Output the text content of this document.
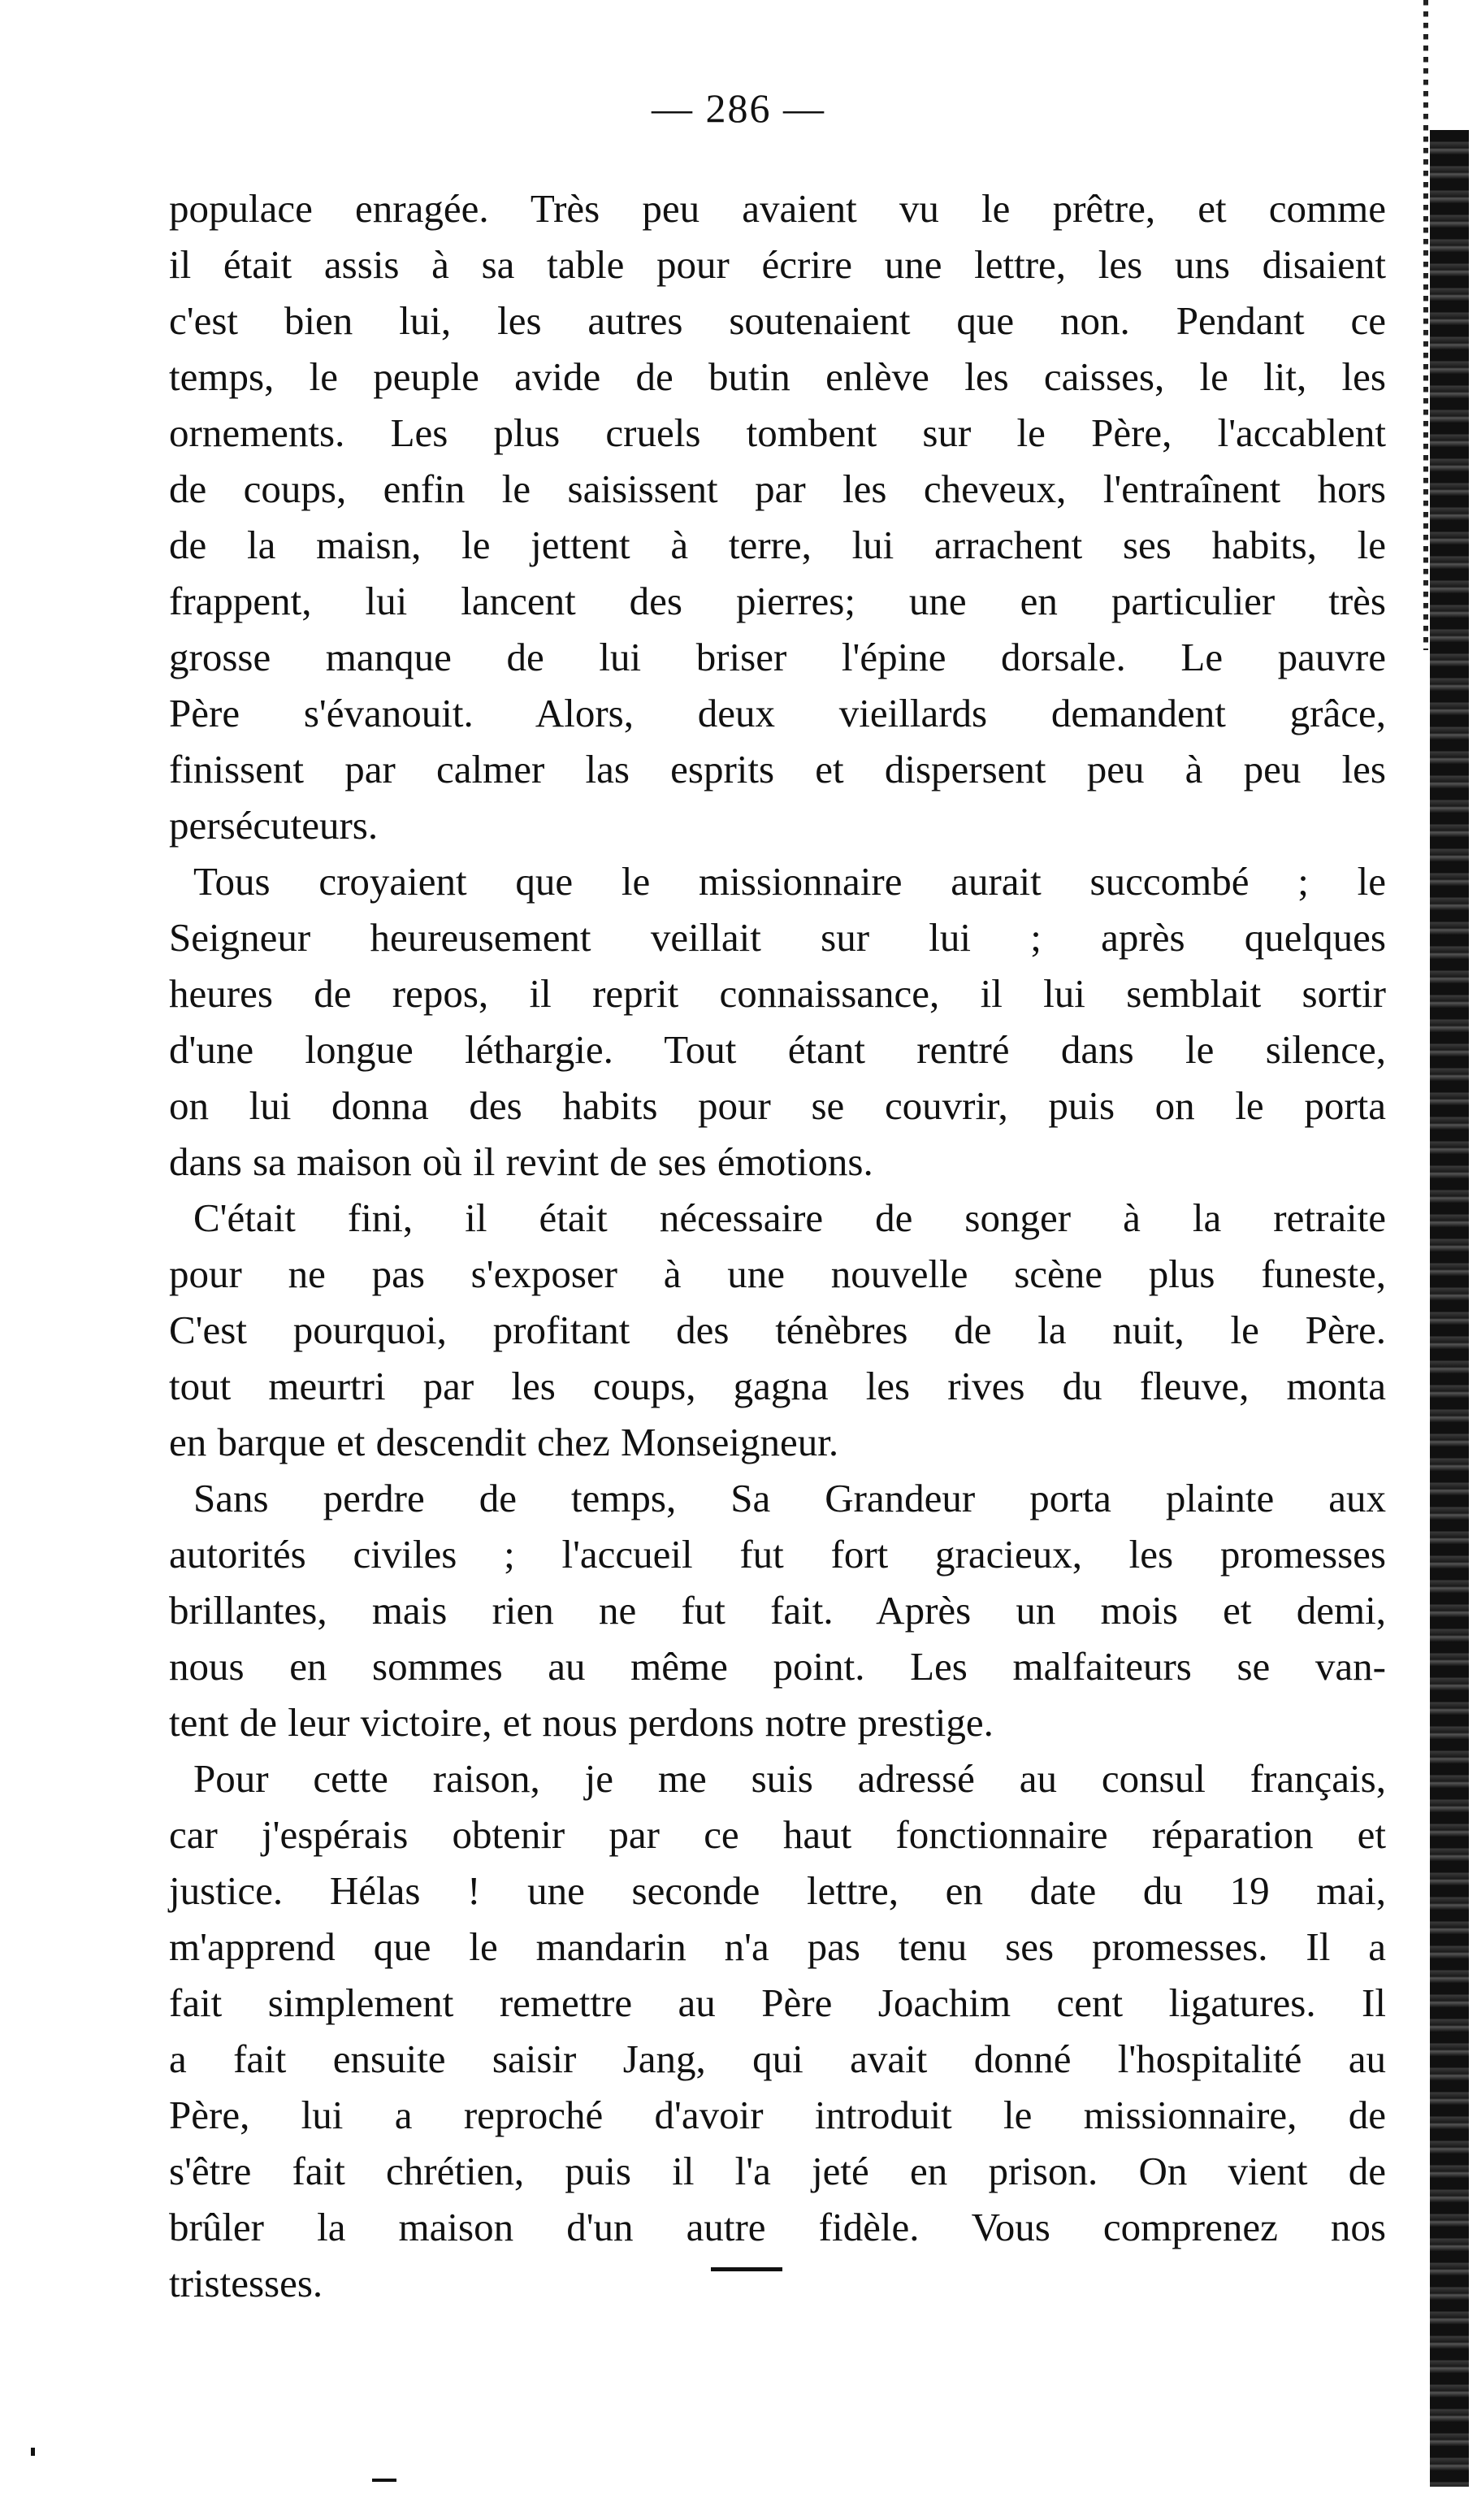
— 286 —

populace enragée. Très peu avaient vu le prêtre, et comme

il était assis à sa table pour écrire une lettre, les uns disaient

c'est bien lui, les autres soutenaient que non. Pendant ce

temps, le peuple avide de butin enlève les caisses, le lit, les

ornements. Les plus cruels tombent sur le Père, l'accablent

de coups, enfin le saisissent par les cheveux, l'entraînent hors

de la maisn, le jettent à terre, lui arrachent ses habits, le

frappent, lui lancent des pierres; une en particulier très

grosse manque de lui briser l'épine dorsale. Le pauvre

Père s'évanouit. Alors, deux vieillards demandent grâce,

finissent par calmer las esprits et dispersent peu à peu les

persécuteurs.

Tous croyaient que le missionnaire aurait succombé ; le

Seigneur heureusement veillait sur lui ; après quelques

heures de repos, il reprit connaissance, il lui semblait sortir

d'une longue léthargie. Tout étant rentré dans le silence,

on lui donna des habits pour se couvrir, puis on le porta

dans sa maison où il revint de ses émotions.

C'était fini, il était nécessaire de songer à la retraite

pour ne pas s'exposer à une nouvelle scène plus funeste,

C'est pourquoi, profitant des ténèbres de la nuit, le Père.

tout meurtri par les coups, gagna les rives du fleuve, monta

en barque et descendit chez Monseigneur.

Sans perdre de temps, Sa Grandeur porta plainte aux

autorités civiles ; l'accueil fut fort gracieux, les promesses

brillantes, mais rien ne fut fait. Après un mois et demi,

nous en sommes au même point. Les malfaiteurs se van-

tent de leur victoire, et nous perdons notre prestige.

Pour cette raison, je me suis adressé au consul français,

car j'espérais obtenir par ce haut fonctionnaire réparation et

justice. Hélas ! une seconde lettre, en date du 19 mai,

m'apprend que le mandarin n'a pas tenu ses promesses. Il a

fait simplement remettre au Père Joachim cent ligatures. Il

a fait ensuite saisir Jang, qui avait donné l'hospitalité au

Père, lui a reproché d'avoir introduit le missionnaire, de

s'être fait chrétien, puis il l'a jeté en prison. On vient de

brûler la maison d'un autre fidèle. Vous comprenez nos

tristesses.
